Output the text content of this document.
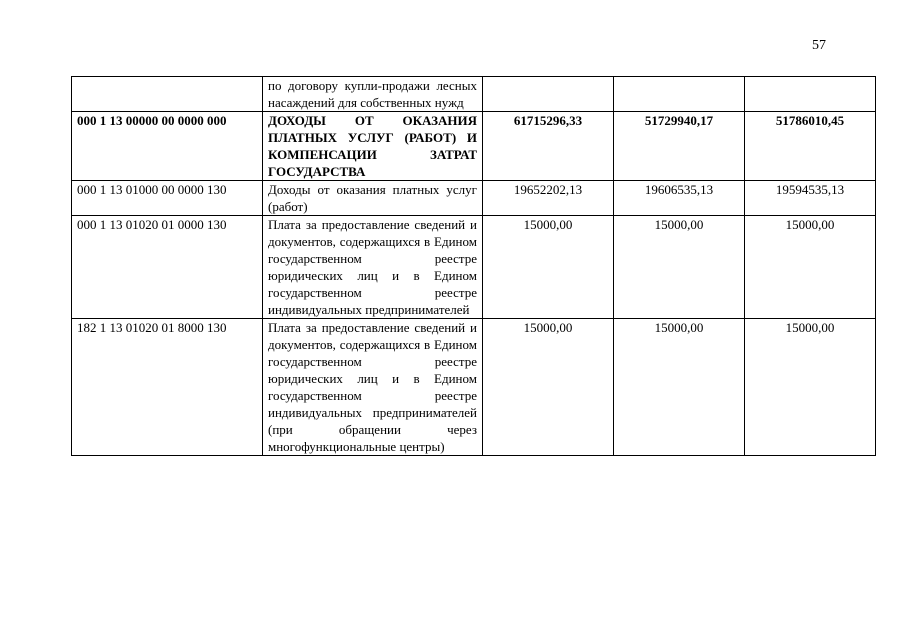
57
	по договору купли-продажи лесных насаждений для собственных нужд			
000 1 13 00000 00 0000 000	ДОХОДЫ ОТ ОКАЗАНИЯ ПЛАТНЫХ УСЛУГ (РАБОТ) И КОМПЕНСАЦИИ ЗАТРАТ ГОСУДАРСТВА	61715296,33	51729940,17	51786010,45
000 1 13 01000 00 0000 130	Доходы от оказания платных услуг (работ)	19652202,13	19606535,13	19594535,13
000 1 13 01020 01 0000 130	Плата за предоставление сведений и документов, содержащихся в Едином государственном реестре юридических лиц и в Едином государственном реестре индивидуальных предпринимателей	15000,00	15000,00	15000,00
182 1 13 01020 01 8000 130	Плата за предоставление сведений и документов, содержащихся в Едином государственном реестре юридических лиц и в Едином государственном реестре индивидуальных предпринимателей (при обращении через многофункциональные центры)	15000,00	15000,00	15000,00
